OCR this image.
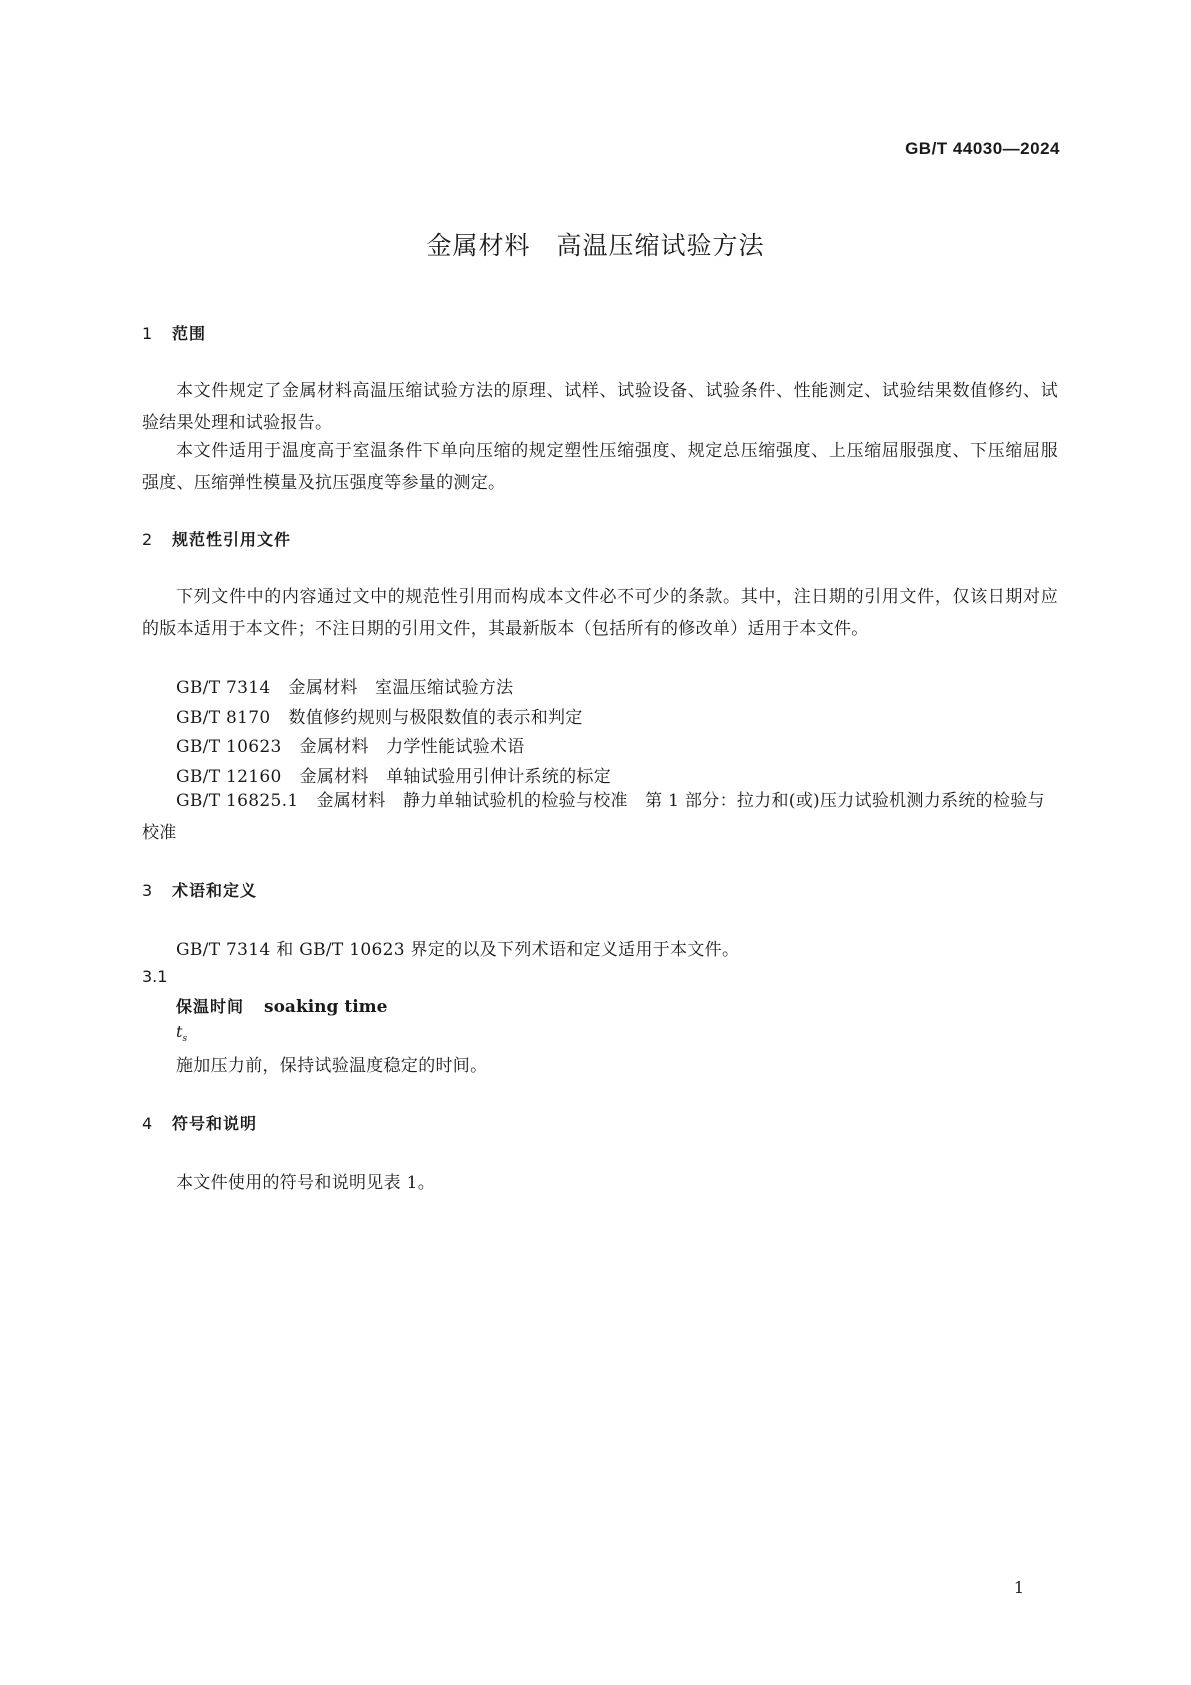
GB/T 44030—2024
金属材料　高温压缩试验方法
1 范围
本文件规定了金属材料高温压缩试验方法的原理、试样、试验设备、试验条件、性能测定、试验结果数值修约、试验结果处理和试验报告。
本文件适用于温度高于室温条件下单向压缩的规定塑性压缩强度、规定总压缩强度、上压缩屈服强度、下压缩屈服强度、压缩弹性模量及抗压强度等参量的测定。
2 规范性引用文件
下列文件中的内容通过文中的规范性引用而构成本文件必不可少的条款。其中，注日期的引用文件，仅该日期对应的版本适用于本文件；不注日期的引用文件，其最新版本（包括所有的修改单）适用于本文件。
GB/T 7314 金属材料　室温压缩试验方法
GB/T 8170 数值修约规则与极限数值的表示和判定
GB/T 10623 金属材料　力学性能试验术语
GB/T 12160 金属材料　单轴试验用引伸计系统的标定
GB/T 16825.1 金属材料　静力单轴试验机的检验与校准　第 1 部分：拉力和(或)压力试验机测力系统的检验与校准
3 术语和定义
GB/T 7314 和 GB/T 10623 界定的以及下列术语和定义适用于本文件。
3.1
保温时间 soaking time
$t_s$
施加压力前，保持试验温度稳定的时间。
4 符号和说明
本文件使用的符号和说明见表 1。
1
